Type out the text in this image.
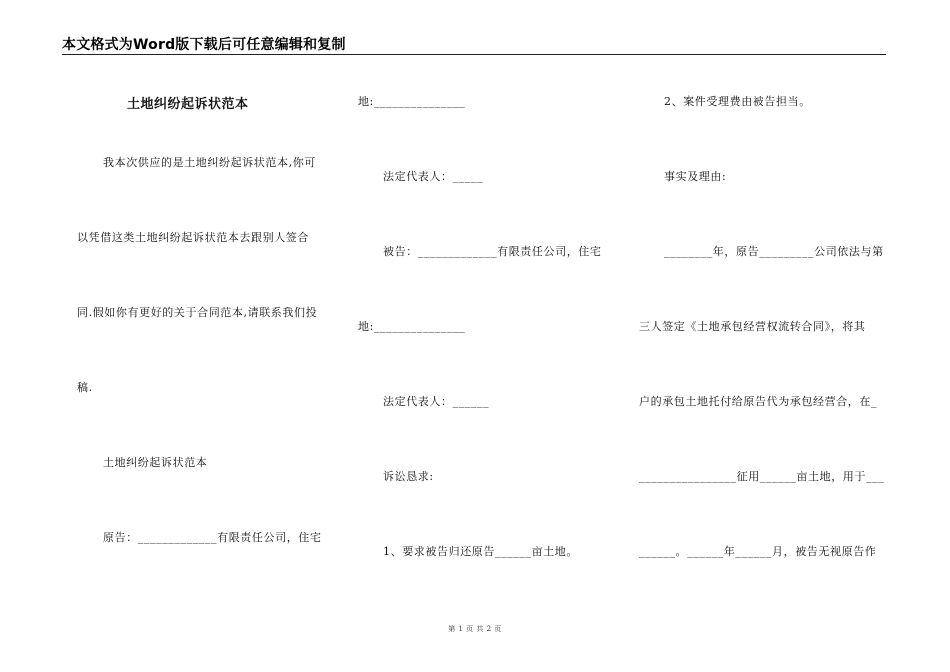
本文格式为Word版下载后可任意编辑和复制
土地纠纷起诉状范本
我本次供应的是土地纠纷起诉状范本,你可
以凭借这类土地纠纷起诉状范本去跟别人签合
同.假如你有更好的关于合同范本,请联系我们投
稿.
土地纠纷起诉状范本
原告：_____________有限责任公司，住宅
地:_______________
法定代表人：_____
被告：_____________有限责任公司，住宅
地:_______________
法定代表人：______
诉讼恳求:
1、要求被告归还原告______亩土地。
2、案件受理费由被告担当。
事实及理由:
________年，原告_________公司依法与第
三人签定《土地承包经营权流转合同》，将其
户的承包土地托付给原告代为承包经营合，在_
________________征用______亩土地，用于___
______。______年______月，被告无视原告作
第 1 页 共 2 页
